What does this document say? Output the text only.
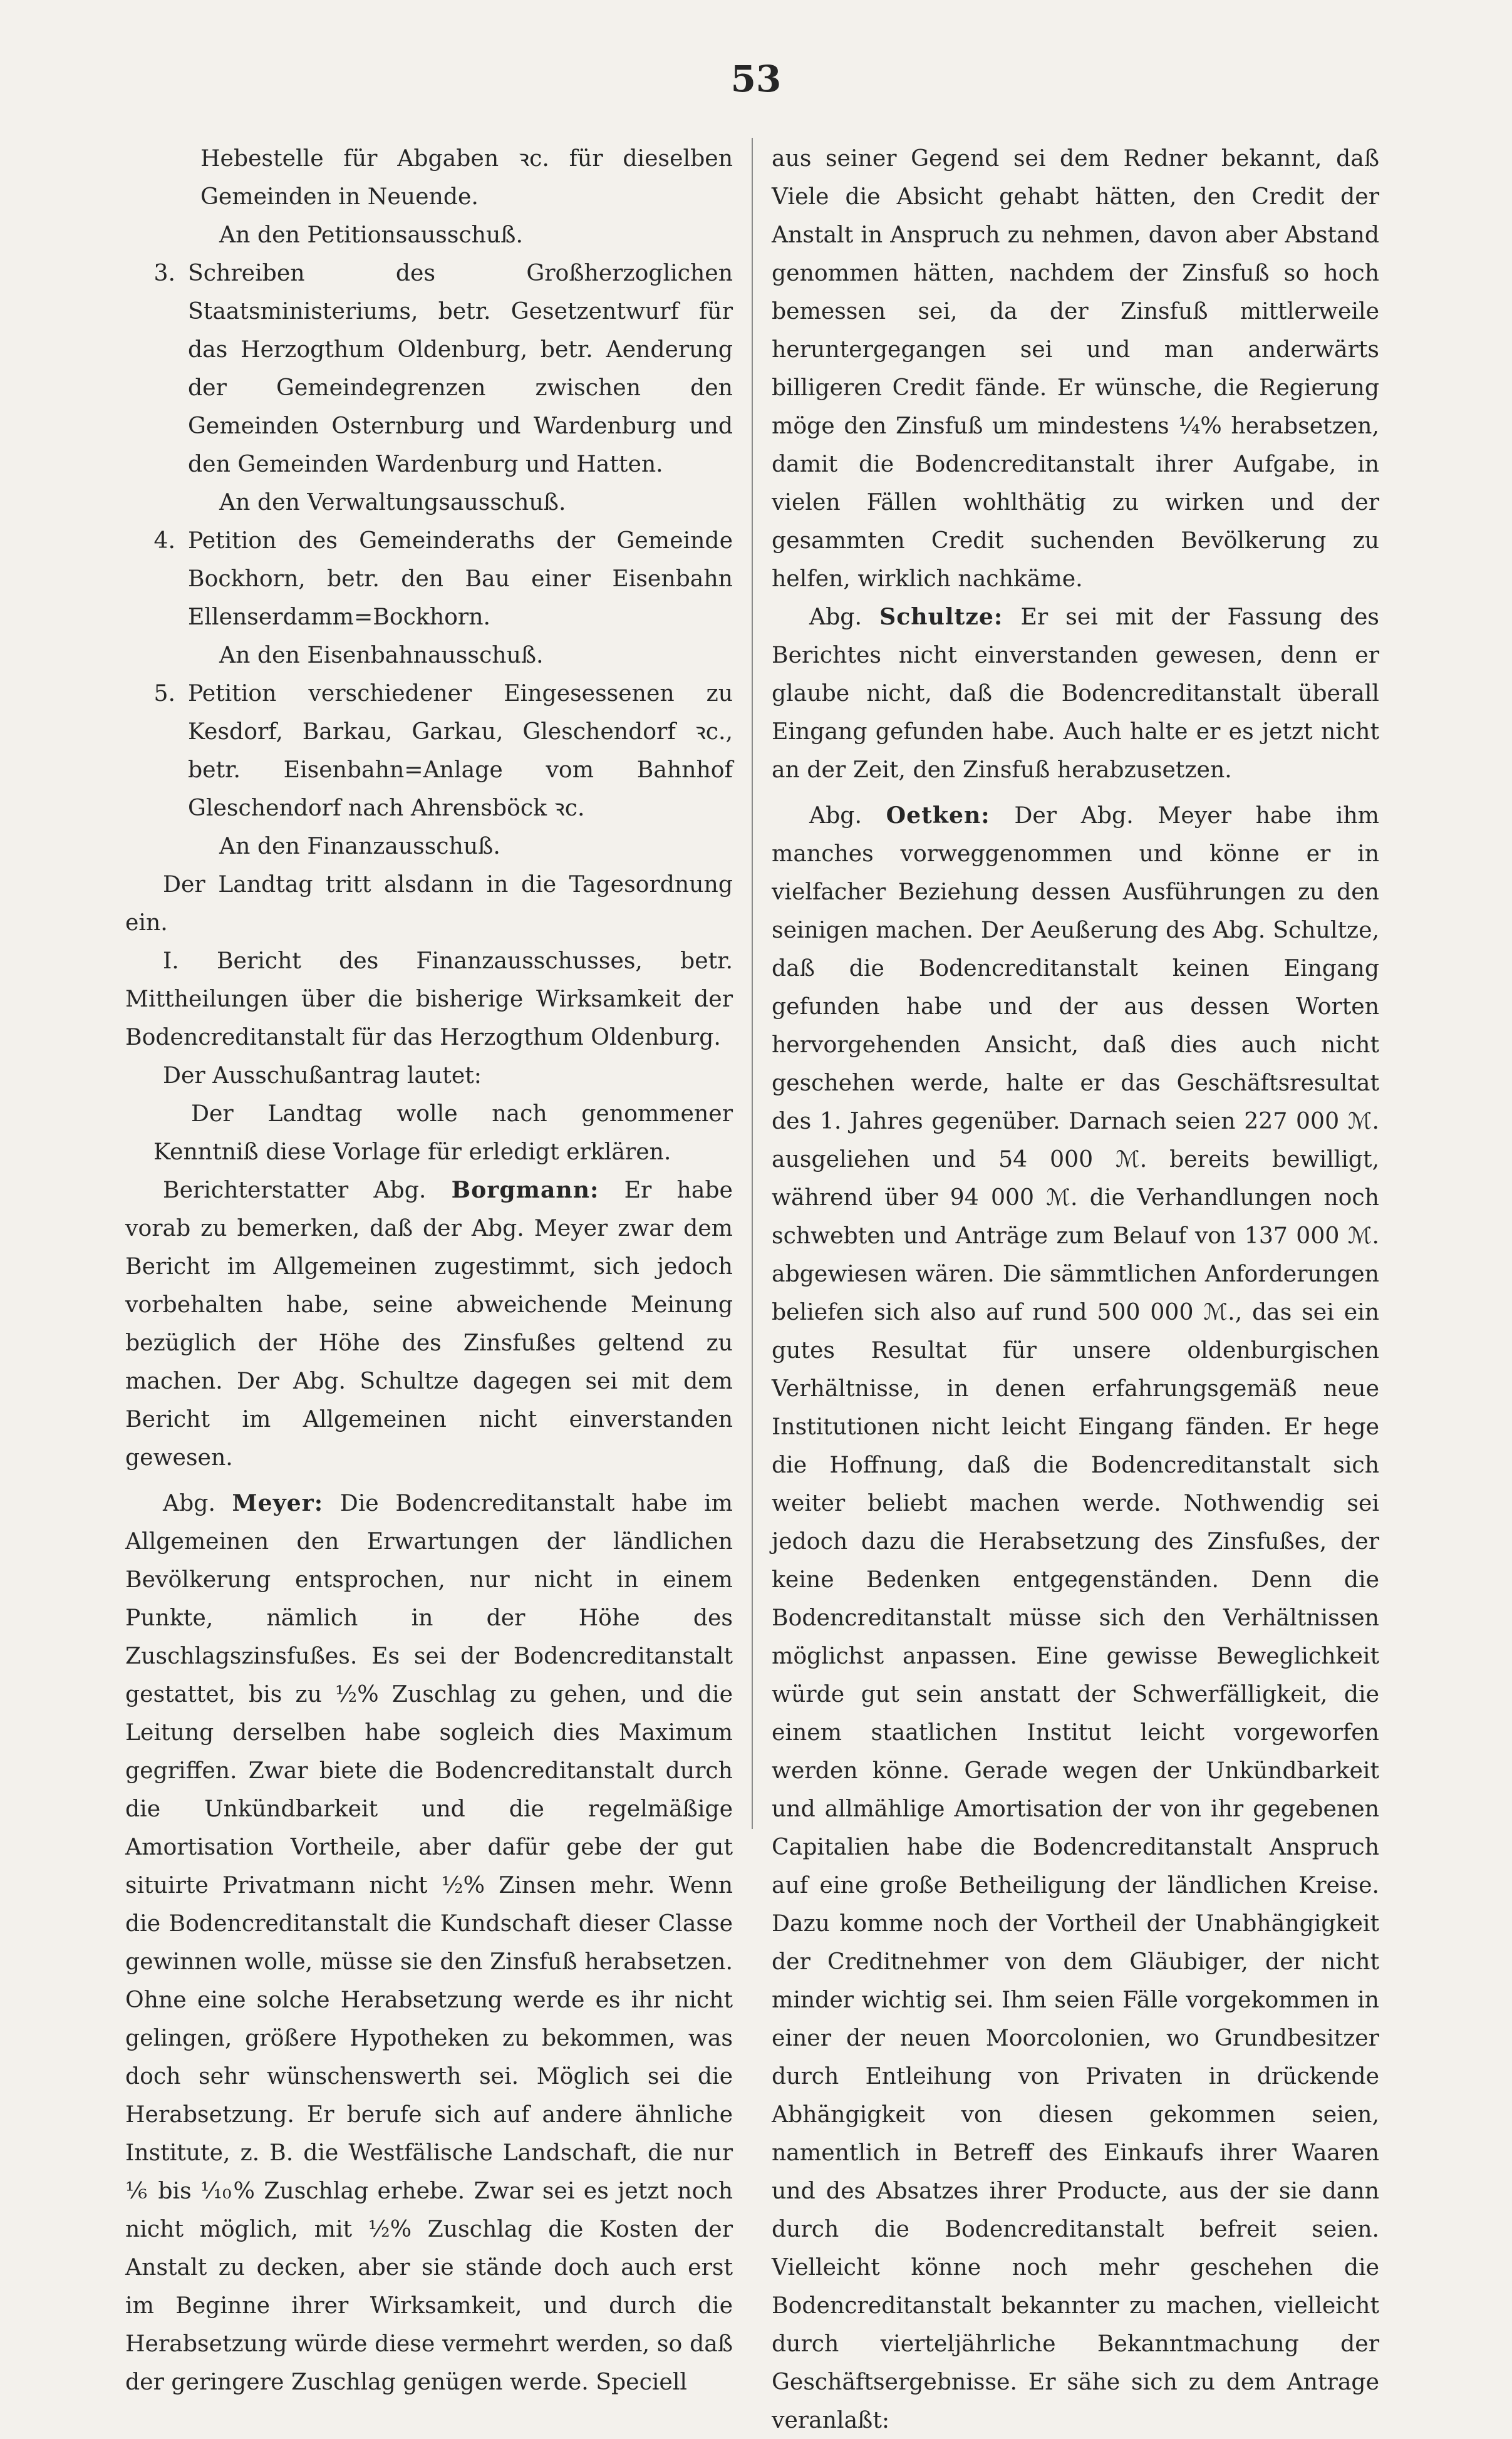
53

Hebestelle für Abgaben ꝛc. für dieselben Gemeinden in Neuende.

An den Petitionsausschuß.

3. Schreiben des Großherzoglichen Staatsministeriums, betr. Gesetzentwurf für das Herzogthum Oldenburg, betr. Aenderung der Gemeindegrenzen zwischen den Gemeinden Osternburg und Wardenburg und den Gemeinden Wardenburg und Hatten.

An den Verwaltungsausschuß.

4. Petition des Gemeinderaths der Gemeinde Bockhorn, betr. den Bau einer Eisenbahn Ellenserdamm=Bockhorn.

An den Eisenbahnausschuß.

5. Petition verschiedener Eingesessenen zu Kesdorf, Barkau, Garkau, Gleschendorf ꝛc., betr. Eisenbahn=Anlage vom Bahnhof Gleschendorf nach Ahrensböck ꝛc.

An den Finanzausschuß.

Der Landtag tritt alsdann in die Tagesordnung ein.

I. Bericht des Finanzausschusses, betr. Mittheilungen über die bisherige Wirksamkeit der Bodencreditanstalt für das Herzogthum Oldenburg.

Der Ausschußantrag lautet:

Der Landtag wolle nach genommener Kenntniß diese Vorlage für erledigt erklären.

Berichterstatter Abg. Borgmann: Er habe vorab zu bemerken, daß der Abg. Meyer zwar dem Bericht im Allgemeinen zugestimmt, sich jedoch vorbehalten habe, seine abweichende Meinung bezüglich der Höhe des Zinsfußes geltend zu machen. Der Abg. Schultze dagegen sei mit dem Bericht im Allgemeinen nicht einverstanden gewesen.

Abg. Meyer: Die Bodencreditanstalt habe im Allgemeinen den Erwartungen der ländlichen Bevölkerung entsprochen, nur nicht in einem Punkte, nämlich in der Höhe des Zuschlagszinsfußes. Es sei der Bodencreditanstalt gestattet, bis zu ½% Zuschlag zu gehen, und die Leitung derselben habe sogleich dies Maximum gegriffen. Zwar biete die Bodencreditanstalt durch die Unkündbarkeit und die regelmäßige Amortisation Vortheile, aber dafür gebe der gut situirte Privatmann nicht ½% Zinsen mehr. Wenn die Bodencreditanstalt die Kundschaft dieser Classe gewinnen wolle, müsse sie den Zinsfuß herabsetzen. Ohne eine solche Herabsetzung werde es ihr nicht gelingen, größere Hypotheken zu bekommen, was doch sehr wünschenswerth sei. Möglich sei die Herabsetzung. Er berufe sich auf andere ähnliche Institute, z. B. die Westfälische Landschaft, die nur ⅙ bis ⅒% Zuschlag erhebe. Zwar sei es jetzt noch nicht möglich, mit ½% Zuschlag die Kosten der Anstalt zu decken, aber sie stände doch auch erst im Beginne ihrer Wirksamkeit, und durch die Herabsetzung würde diese vermehrt werden, so daß der geringere Zuschlag genügen werde. Speciell

aus seiner Gegend sei dem Redner bekannt, daß Viele die Absicht gehabt hätten, den Credit der Anstalt in Anspruch zu nehmen, davon aber Abstand genommen hätten, nachdem der Zinsfuß so hoch bemessen sei, da der Zinsfuß mittlerweile heruntergegangen sei und man anderwärts billigeren Credit fände. Er wünsche, die Regierung möge den Zinsfuß um mindestens ¼% herabsetzen, damit die Bodencreditanstalt ihrer Aufgabe, in vielen Fällen wohlthätig zu wirken und der gesammten Credit suchenden Bevölkerung zu helfen, wirklich nachkäme.

Abg. Schultze: Er sei mit der Fassung des Berichtes nicht einverstanden gewesen, denn er glaube nicht, daß die Bodencreditanstalt überall Eingang gefunden habe. Auch halte er es jetzt nicht an der Zeit, den Zinsfuß herabzusetzen.

Abg. Oetken: Der Abg. Meyer habe ihm manches vorweggenommen und könne er in vielfacher Beziehung dessen Ausführungen zu den seinigen machen. Der Aeußerung des Abg. Schultze, daß die Bodencreditanstalt keinen Eingang gefunden habe und der aus dessen Worten hervorgehenden Ansicht, daß dies auch nicht geschehen werde, halte er das Geschäftsresultat des 1. Jahres gegenüber. Darnach seien 227 000 ℳ. ausgeliehen und 54 000 ℳ. bereits bewilligt, während über 94 000 ℳ. die Verhandlungen noch schwebten und Anträge zum Belauf von 137 000 ℳ. abgewiesen wären. Die sämmtlichen Anforderungen beliefen sich also auf rund 500 000 ℳ., das sei ein gutes Resultat für unsere oldenburgischen Verhältnisse, in denen erfahrungsgemäß neue Institutionen nicht leicht Eingang fänden. Er hege die Hoffnung, daß die Bodencreditanstalt sich weiter beliebt machen werde. Nothwendig sei jedoch dazu die Herabsetzung des Zinsfußes, der keine Bedenken entgegenständen. Denn die Bodencreditanstalt müsse sich den Verhältnissen möglichst anpassen. Eine gewisse Beweglichkeit würde gut sein anstatt der Schwerfälligkeit, die einem staatlichen Institut leicht vorgeworfen werden könne. Gerade wegen der Unkündbarkeit und allmählige Amortisation der von ihr gegebenen Capitalien habe die Bodencreditanstalt Anspruch auf eine große Betheiligung der ländlichen Kreise. Dazu komme noch der Vortheil der Unabhängigkeit der Creditnehmer von dem Gläubiger, der nicht minder wichtig sei. Ihm seien Fälle vorgekommen in einer der neuen Moorcolonien, wo Grundbesitzer durch Entleihung von Privaten in drückende Abhängigkeit von diesen gekommen seien, namentlich in Betreff des Einkaufs ihrer Waaren und des Absatzes ihrer Producte, aus der sie dann durch die Bodencreditanstalt befreit seien. Vielleicht könne noch mehr geschehen die Bodencreditanstalt bekannter zu machen, vielleicht durch vierteljährliche Bekanntmachung der Geschäftsergebnisse. Er sähe sich zu dem Antrage veranlaßt:
